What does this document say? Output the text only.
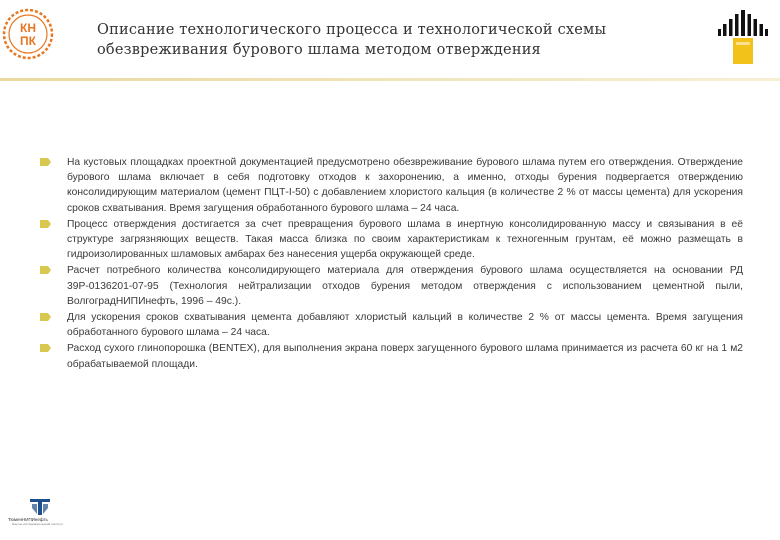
КН
ПК
Описание технологического процесса и технологической схемы
обезвреживания бурового шлама методом отверждения
На кустовых площадках проектной документацией предусмотрено обезвреживание бурового шлама путем его отверждения. Отверждение бурового шлама включает в себя подготовку отходов к захоронению, а именно, отходы бурения подвергается отверждению консолидирующим материалом (цемент ПЦТ-I-50) с добавлением хлористого кальция (в количестве 2 % от массы цемента) для ускорения сроков схватывания. Время загущения обработанного бурового шлама – 24 часа.
Процесс отверждения достигается за счет превращения бурового шлама в инертную консолидированную массу и связывания в её структуре загрязняющих веществ. Такая масса близка по своим характеристикам к техногенным грунтам, её можно размещать в гидроизолированных шламовых амбарах без нанесения ущерба окружающей среде.
Расчет потребного количества консолидирующего материала для отверждения бурового шлама осуществляется на основании РД 39Р-0136201-07-95 (Технология нейтрализации отходов бурения методом отверждения с использованием цементной пыли, ВолгоградНИПИнефть, 1996 – 49с.).
Для ускорения сроков схватывания цемента добавляют хлористый кальций в количестве 2 % от массы цемента. Время загущения обработанного бурового шлама – 24 часа.
Расход сухого глинопорошка (BENTEX), для выполнения экрана поверх загущенного бурового шлама принимается из расчета 60 кг на 1 м2 обрабатываемой площади.
ТюменНИПИнефть
Научно-исследовательский институт
